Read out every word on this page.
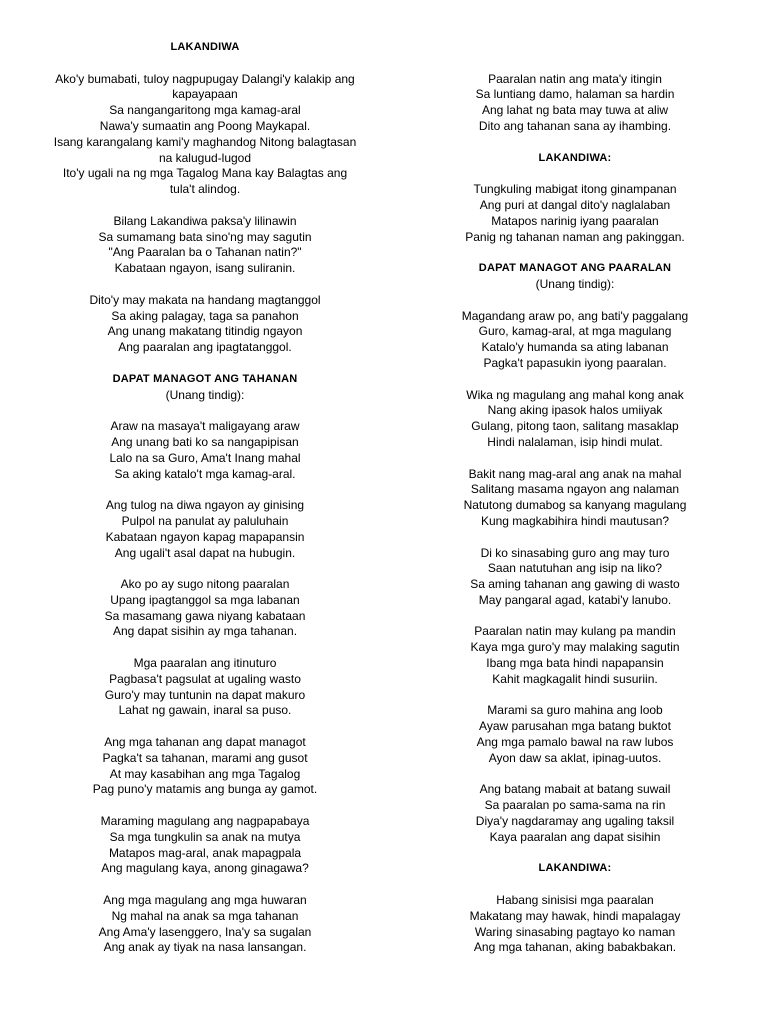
LAKANDIWA
Ako'y bumabati, tuloy nagpupugay Dalangi'y kalakip ang
kapayapaan
Sa nangangaritong mga kamag-aral
Nawa'y sumaatin ang Poong Maykapal.
Isang karangalang kami'y maghandog Nitong balagtasan
na kalugud-lugod
Ito'y ugali na ng mga Tagalog Mana kay Balagtas ang
tula't alindog.
Bilang Lakandiwa paksa'y lilinawin
Sa sumamang bata sino'ng may sagutin
"Ang Paaralan ba o Tahanan natin?"
Kabataan ngayon, isang suliranin.
Dito'y may makata na handang magtanggol
Sa aking palagay, taga sa panahon
Ang unang makatang titindig ngayon
Ang paaralan ang ipagtatanggol.
DAPAT MANAGOT ANG TAHANAN
(Unang tindig):
Araw na masaya't maligayang araw
Ang unang bati ko sa nangapipisan
Lalo na sa Guro, Ama't Inang mahal
Sa aking katalo't mga kamag-aral.
Ang tulog na diwa ngayon ay ginising
Pulpol na panulat ay paluluhain
Kabataan ngayon kapag mapapansin
Ang ugali't asal dapat na hubugin.
Ako po ay sugo nitong paaralan
Upang ipagtanggol sa mga labanan
Sa masamang gawa niyang kabataan
Ang dapat sisihin ay mga tahanan.
Mga paaralan ang itinuturo
Pagbasa't pagsulat at ugaling wasto
Guro'y may tuntunin na dapat makuro
Lahat ng gawain, inaral sa puso.
Ang mga tahanan ang dapat managot
Pagka't sa tahanan, marami ang gusot
At may kasabihan ang mga Tagalog
Pag puno'y matamis ang bunga ay gamot.
Maraming magulang ang nagpapabaya
Sa mga tungkulin sa anak na mutya
Matapos mag-aral, anak mapagpala
Ang magulang kaya, anong ginagawa?
Ang mga magulang ang mga huwaran
Ng mahal na anak sa mga tahanan
Ang Ama'y lasenggero, Ina'y sa sugalan
Ang anak ay tiyak na nasa lansangan.
Paaralan natin ang mata'y itingin
Sa luntiang damo, halaman sa hardin
Ang lahat ng bata may tuwa at aliw
Dito ang tahanan sana ay ihambing.
LAKANDIWA:
Tungkuling mabigat itong ginampanan
Ang puri at dangal dito'y naglalaban
Matapos narinig iyang paaralan
Panig ng tahanan naman ang pakinggan.
DAPAT MANAGOT ANG PAARALAN
(Unang tindig):
Magandang araw po, ang bati'y paggalang
Guro, kamag-aral, at mga magulang
Katalo'y humanda sa ating labanan
Pagka't papasukin iyong paaralan.
Wika ng magulang ang mahal kong anak
Nang aking ipasok halos umiiyak
Gulang, pitong taon, salitang masaklap
Hindi nalalaman, isip hindi mulat.
Bakit nang mag-aral ang anak na mahal
Salitang masama ngayon ang nalaman
Natutong dumabog sa kanyang magulang
Kung magkabihira hindi mautusan?
Di ko sinasabing guro ang may turo
Saan natutuhan ang isip na liko?
Sa aming tahanan ang gawing di wasto
May pangaral agad, katabi'y lanubo.
Paaralan natin may kulang pa mandin
Kaya mga guro'y may malaking sagutin
Ibang mga bata hindi napapansin
Kahit magkagalit hindi susuriin.
Marami sa guro mahina ang loob
Ayaw parusahan mga batang buktot
Ang mga pamalo bawal na raw lubos
Ayon daw sa aklat, ipinag-uutos.
Ang batang mabait at batang suwail
Sa paaralan po sama-sama na rin
Diya'y nagdaramay ang ugaling taksil
Kaya paaralan ang dapat sisihin
LAKANDIWA:
Habang sinisisi mga paaralan
Makatang may hawak, hindi mapalagay
Waring sinasabing pagtayo ko naman
Ang mga tahanan, aking babakbakan.
